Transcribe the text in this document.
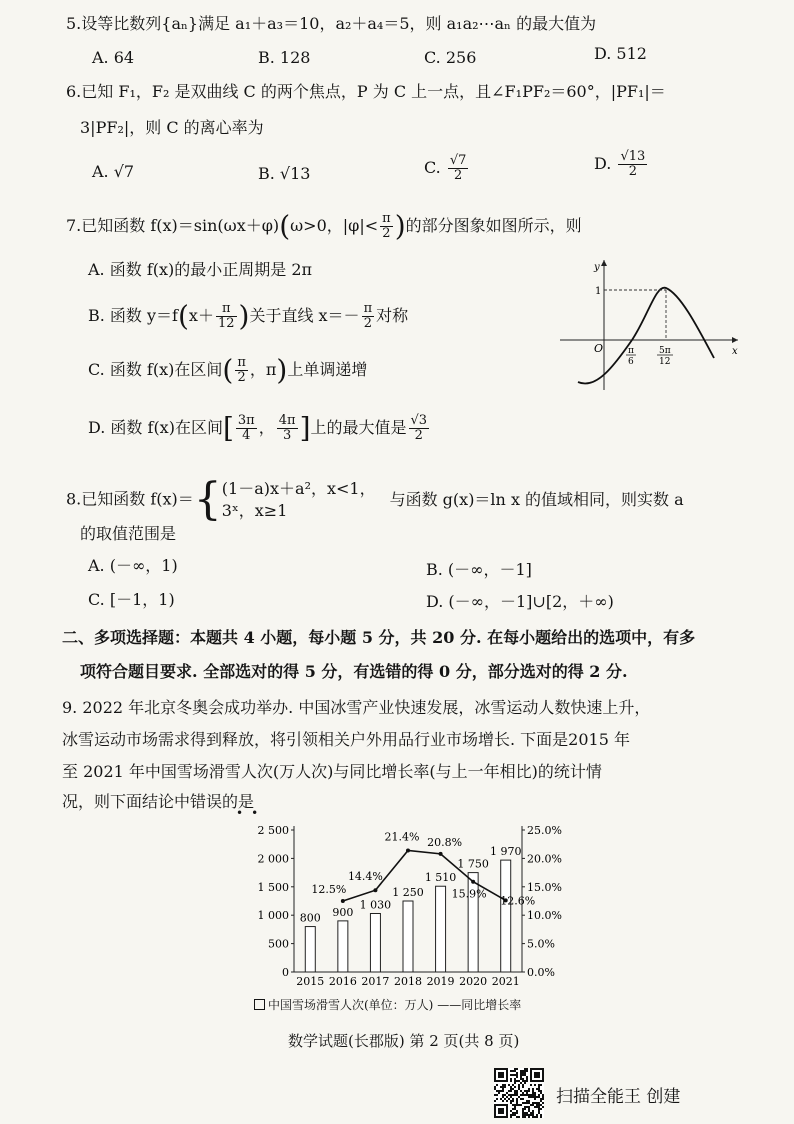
5.设等比数列{aₙ}满足 a₁＋a₃＝10，a₂＋a₄＝5，则 a₁a₂⋯aₙ 的最大值为
A. 64	B. 128	C. 256	D. 512
6.已知 F₁，F₂ 是双曲线 C 的两个焦点，P 为 C 上一点，且∠F₁PF₂＝60°，|PF₁|＝
3|PF₂|，则 C 的离心率为
A. √7	B. √13	C. $\frac{√7}{2}$	D. $\frac{√13}{2}$
7.已知函数 f(x)＝sin(ωx＋φ)(ω>0，$|\varphi|< \frac{\pi}{2}$ )的部分图象如图所示，则
A. 函数 f(x)的最小正周期是 2π
B. 函数 $y=f(x+ \frac{\pi}{12}$ )关于直线 $x=- \frac{\pi}{2}$ 对称
C. 函数 f(x)在区间( $\frac{\pi}{2}$ ，π)上单调递增
D. 函数 f(x)在区间[ $\frac{3\pi}{4}$ ， $\frac{4\pi}{3}$ ]上的最大值是 $\frac{√3}{2}$
y
x
O
1
π
6
5π
12
8.已知函数 f(x)＝{ (1－a)x＋a²，x<1，
3ˣ，x≥1
与函数 g(x)＝ln x 的值域相同，则实数 a
的取值范围是
A. (－∞，1)	B. (－∞，－1]
C. [－1，1)	D. (－∞，－1]∪[2，＋∞)
二、多项选择题：本题共 4 小题，每小题 5 分，共 20 分. 在每小题给出的选项中，有多
项符合题目要求. 全部选对的得 5 分，有选错的得 0 分，部分选对的得 2 分.
9. 2022 年北京冬奥会成功举办. 中国冰雪产业快速发展，冰雪运动人数快速上升，
冰雪运动市场需求得到释放，将引领相关户外用品行业市场增长. 下面是2015 年
至 2021 年中国雪场滑雪人次(万人次)与同比增长率(与上一年相比)的统计情
况，则下面结论中错误的是
••
0
500
1 000
1 500
2 000
2 500
0.0%
5.0%
10.0%
15.0%
20.0%
25.0%
800
2015
900
2016
1 030
2017
1 250
2018
1 510
2019
1 750
2020
1 970
2021
12.5%
14.4%
21.4% 20.8%
15.9%
12.6%
中国雪场滑雪人次(单位：万人) ——同比增长率
数学试题(长郡版) 第 2 页(共 8 页)
扫描全能王 创建
